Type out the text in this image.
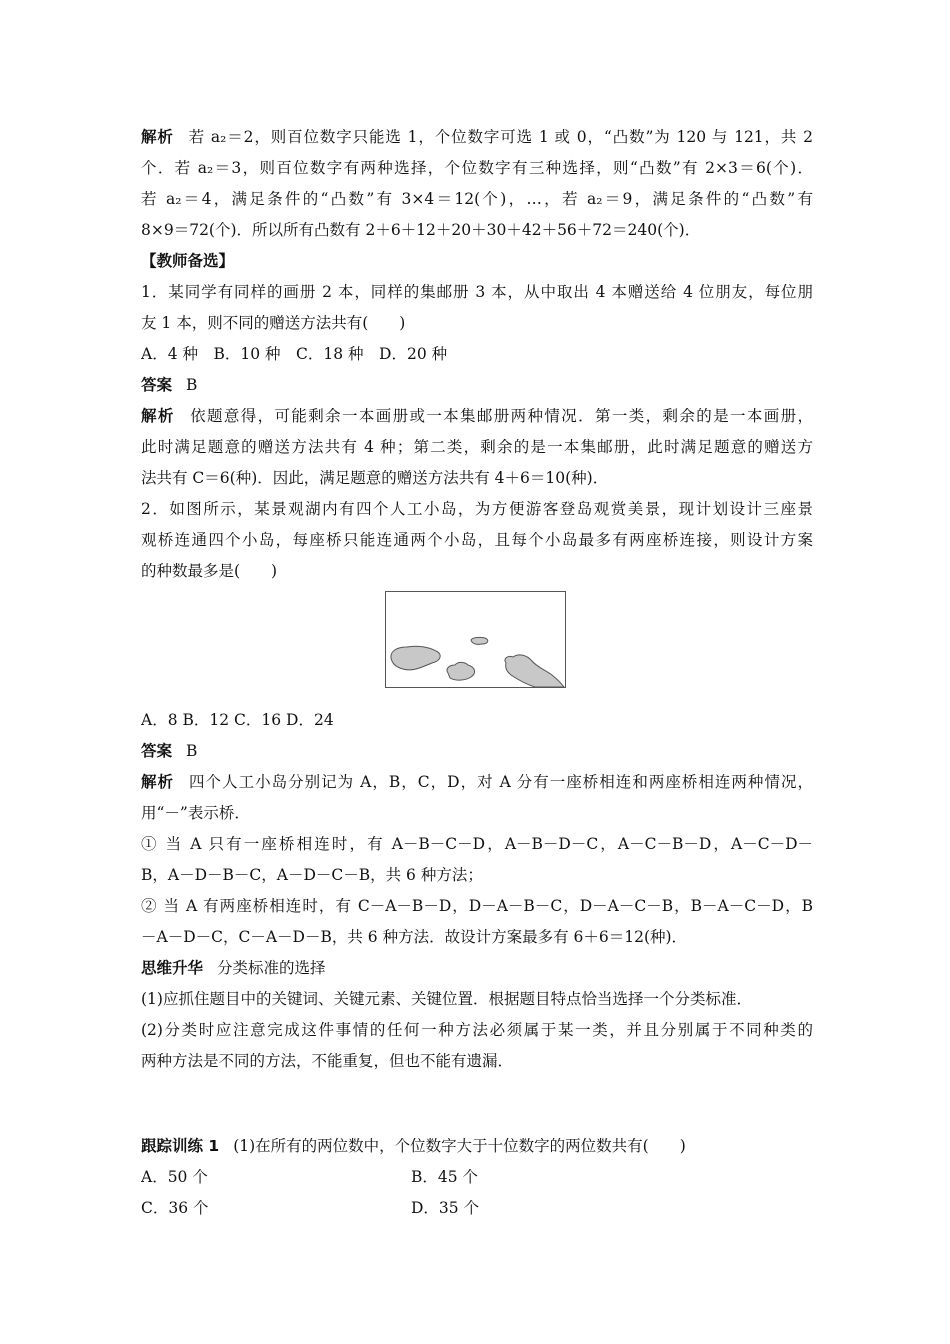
解析 若 a₂＝2，则百位数字只能选 1，个位数字可选 1 或 0，“凸数”为 120 与 121，共 2
个．若 a₂＝3，则百位数字有两种选择，个位数字有三种选择，则“凸数”有 2×3＝6(个)．
若 a₂＝4，满足条件的“凸数”有 3×4＝12(个)，…，若 a₂＝9，满足条件的“凸数”有
8×9＝72(个)．所以所有凸数有 2＋6＋12＋20＋30＋42＋56＋72＝240(个)．
【教师备选】
1．某同学有同样的画册 2 本，同样的集邮册 3 本，从中取出 4 本赠送给 4 位朋友，每位朋
友 1 本，则不同的赠送方法共有(　　)
A．4 种　B．10 种　C．18 种　D．20 种
答案 B
解析 依题意得，可能剩余一本画册或一本集邮册两种情况．第一类，剩余的是一本画册，
此时满足题意的赠送方法共有 4 种；第二类，剩余的是一本集邮册，此时满足题意的赠送方
法共有 C＝6(种)．因此，满足题意的赠送方法共有 4＋6＝10(种)．
2．如图所示，某景观湖内有四个人工小岛，为方便游客登岛观赏美景，现计划设计三座景
观桥连通四个小岛，每座桥只能连通两个小岛，且每个小岛最多有两座桥连接，则设计方案
的种数最多是(　　)
A．8 B．12 C．16 D．24
答案 B
解析 四个人工小岛分别记为 A，B，C，D，对 A 分有一座桥相连和两座桥相连两种情况，
用“－”表示桥．
① 当 A 只有一座桥相连时，有 A－B－C－D，A－B－D－C，A－C－B－D，A－C－D－
B，A－D－B－C，A－D－C－B，共 6 种方法；
② 当 A 有两座桥相连时，有 C－A－B－D，D－A－B－C，D－A－C－B，B－A－C－D，B
－A－D－C，C－A－D－B，共 6 种方法．故设计方案最多有 6＋6＝12(种)．
思维升华 分类标准的选择
(1)应抓住题目中的关键词、关键元素、关键位置．根据题目特点恰当选择一个分类标准．
(2)分类时应注意完成这件事情的任何一种方法必须属于某一类，并且分别属于不同种类的
两种方法是不同的方法，不能重复，但也不能有遗漏．
跟踪训练 1 (1)在所有的两位数中，个位数字大于十位数字的两位数共有(　　)
A．50 个	B．45 个
C．36 个	D．35 个
